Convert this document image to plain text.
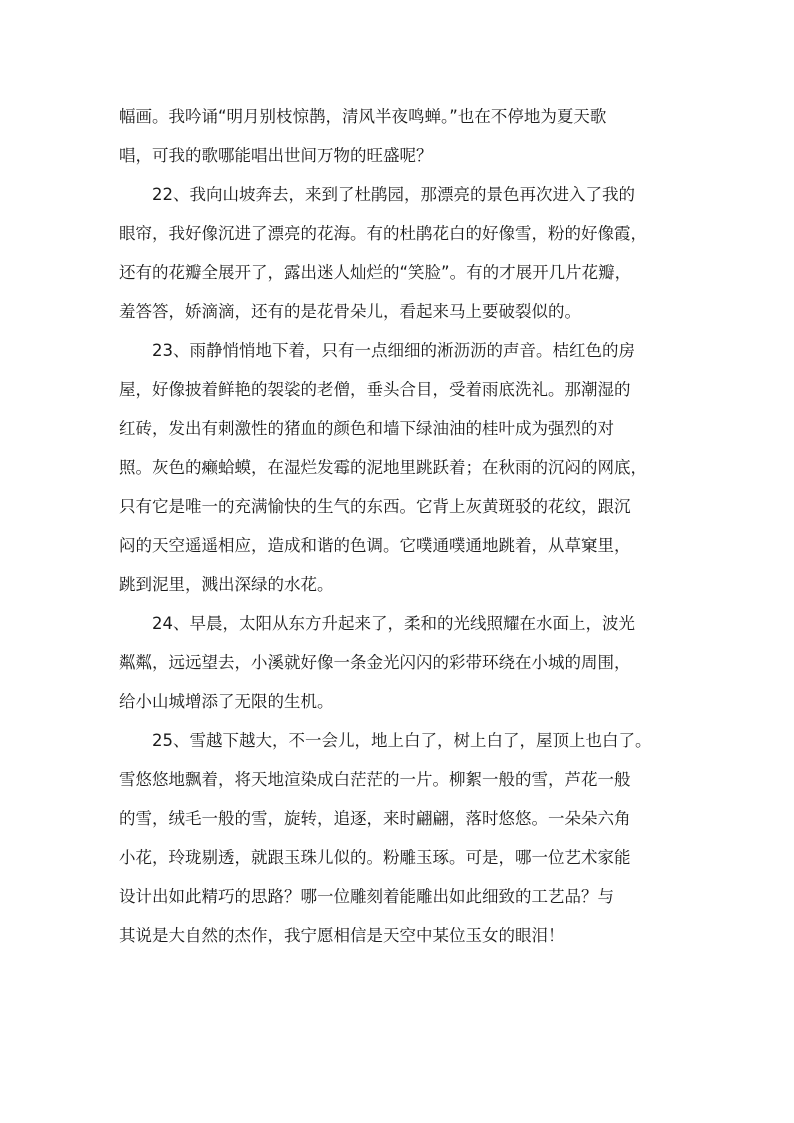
幅画。我吟诵“明月别枝惊鹊，清风半夜鸣蝉。”也在不停地为夏天歌

唱，可我的歌哪能唱出世间万物的旺盛呢？

22、我向山坡奔去，来到了杜鹃园，那漂亮的景色再次进入了我的

眼帘，我好像沉进了漂亮的花海。有的杜鹃花白的好像雪，粉的好像霞，

还有的花瓣全展开了，露出迷人灿烂的“笑脸”。有的才展开几片花瓣，

羞答答，娇滴滴，还有的是花骨朵儿，看起来马上要破裂似的。

23、雨静悄悄地下着，只有一点细细的淅沥沥的声音。桔红色的房

屋，好像披着鲜艳的袈裟的老僧，垂头合目，受着雨底洗礼。那潮湿的

红砖，发出有刺激性的猪血的颜色和墙下绿油油的桂叶成为强烈的对

照。灰色的癞蛤蟆，在湿烂发霉的泥地里跳跃着；在秋雨的沉闷的网底，

只有它是唯一的充满愉快的生气的东西。它背上灰黄斑驳的花纹，跟沉

闷的天空遥遥相应，造成和谐的色调。它噗通噗通地跳着，从草窠里，

跳到泥里，溅出深绿的水花。

24、早晨，太阳从东方升起来了，柔和的光线照耀在水面上，波光

粼粼，远远望去，小溪就好像一条金光闪闪的彩带环绕在小城的周围，

给小山城增添了无限的生机。

25、雪越下越大，不一会儿，地上白了，树上白了，屋顶上也白了。

雪悠悠地飘着，将天地渲染成白茫茫的一片。柳絮一般的雪，芦花一般

的雪，绒毛一般的雪，旋转，追逐，来时翩翩，落时悠悠。一朵朵六角

小花，玲珑剔透，就跟玉珠儿似的。粉雕玉琢。可是，哪一位艺术家能

设计出如此精巧的思路？哪一位雕刻着能雕出如此细致的工艺品？与

其说是大自然的杰作，我宁愿相信是天空中某位玉女的眼泪！
